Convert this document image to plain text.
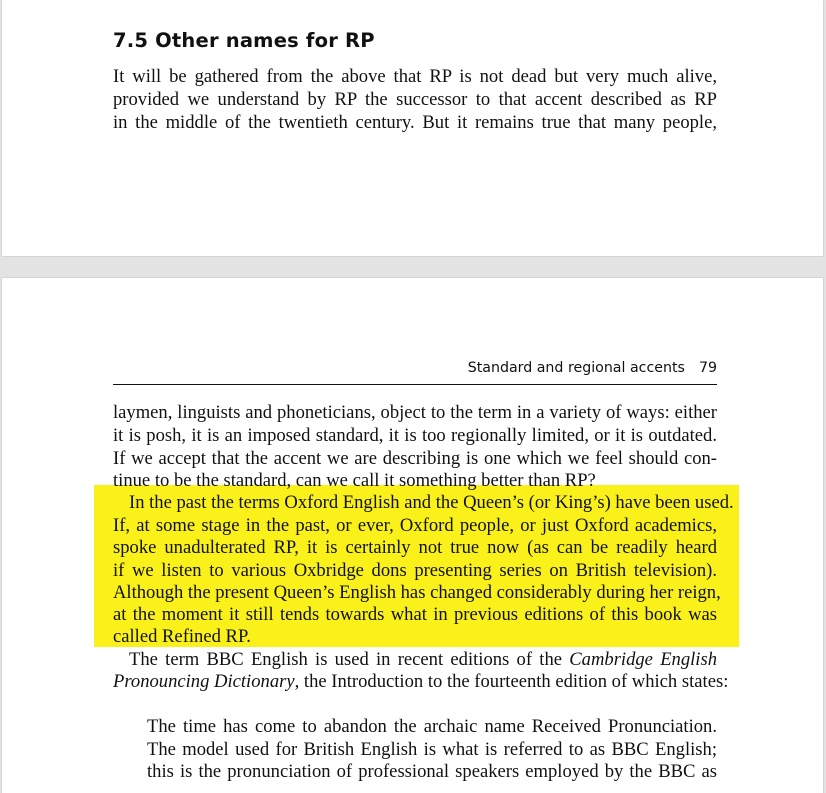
7.5 Other names for RP
It will be gathered from the above that RP is not dead but very much alive,
provided we understand by RP the successor to that accent described as RP
in the middle of the twentieth century. But it remains true that many people,
Standard and regional accents 79
laymen, linguists and phoneticians, object to the term in a variety of ways: either
it is posh, it is an imposed standard, it is too regionally limited, or it is outdated.
If we accept that the accent we are describing is one which we feel should con-
tinue to be the standard, can we call it something better than RP?
In the past the terms Oxford English and the Queen’s (or King’s) have been used.
If, at some stage in the past, or ever, Oxford people, or just Oxford academics,
spoke unadulterated RP, it is certainly not true now (as can be readily heard
if we listen to various Oxbridge dons presenting series on British television).
Although the present Queen’s English has changed considerably during her reign,
at the moment it still tends towards what in previous editions of this book was
called Refined RP.
The term BBC English is used in recent editions of the Cambridge English
Pronouncing Dictionary, the Introduction to the fourteenth edition of which states:
The time has come to abandon the archaic name Received Pronunciation.
The model used for British English is what is referred to as BBC English;
this is the pronunciation of professional speakers employed by the BBC as
